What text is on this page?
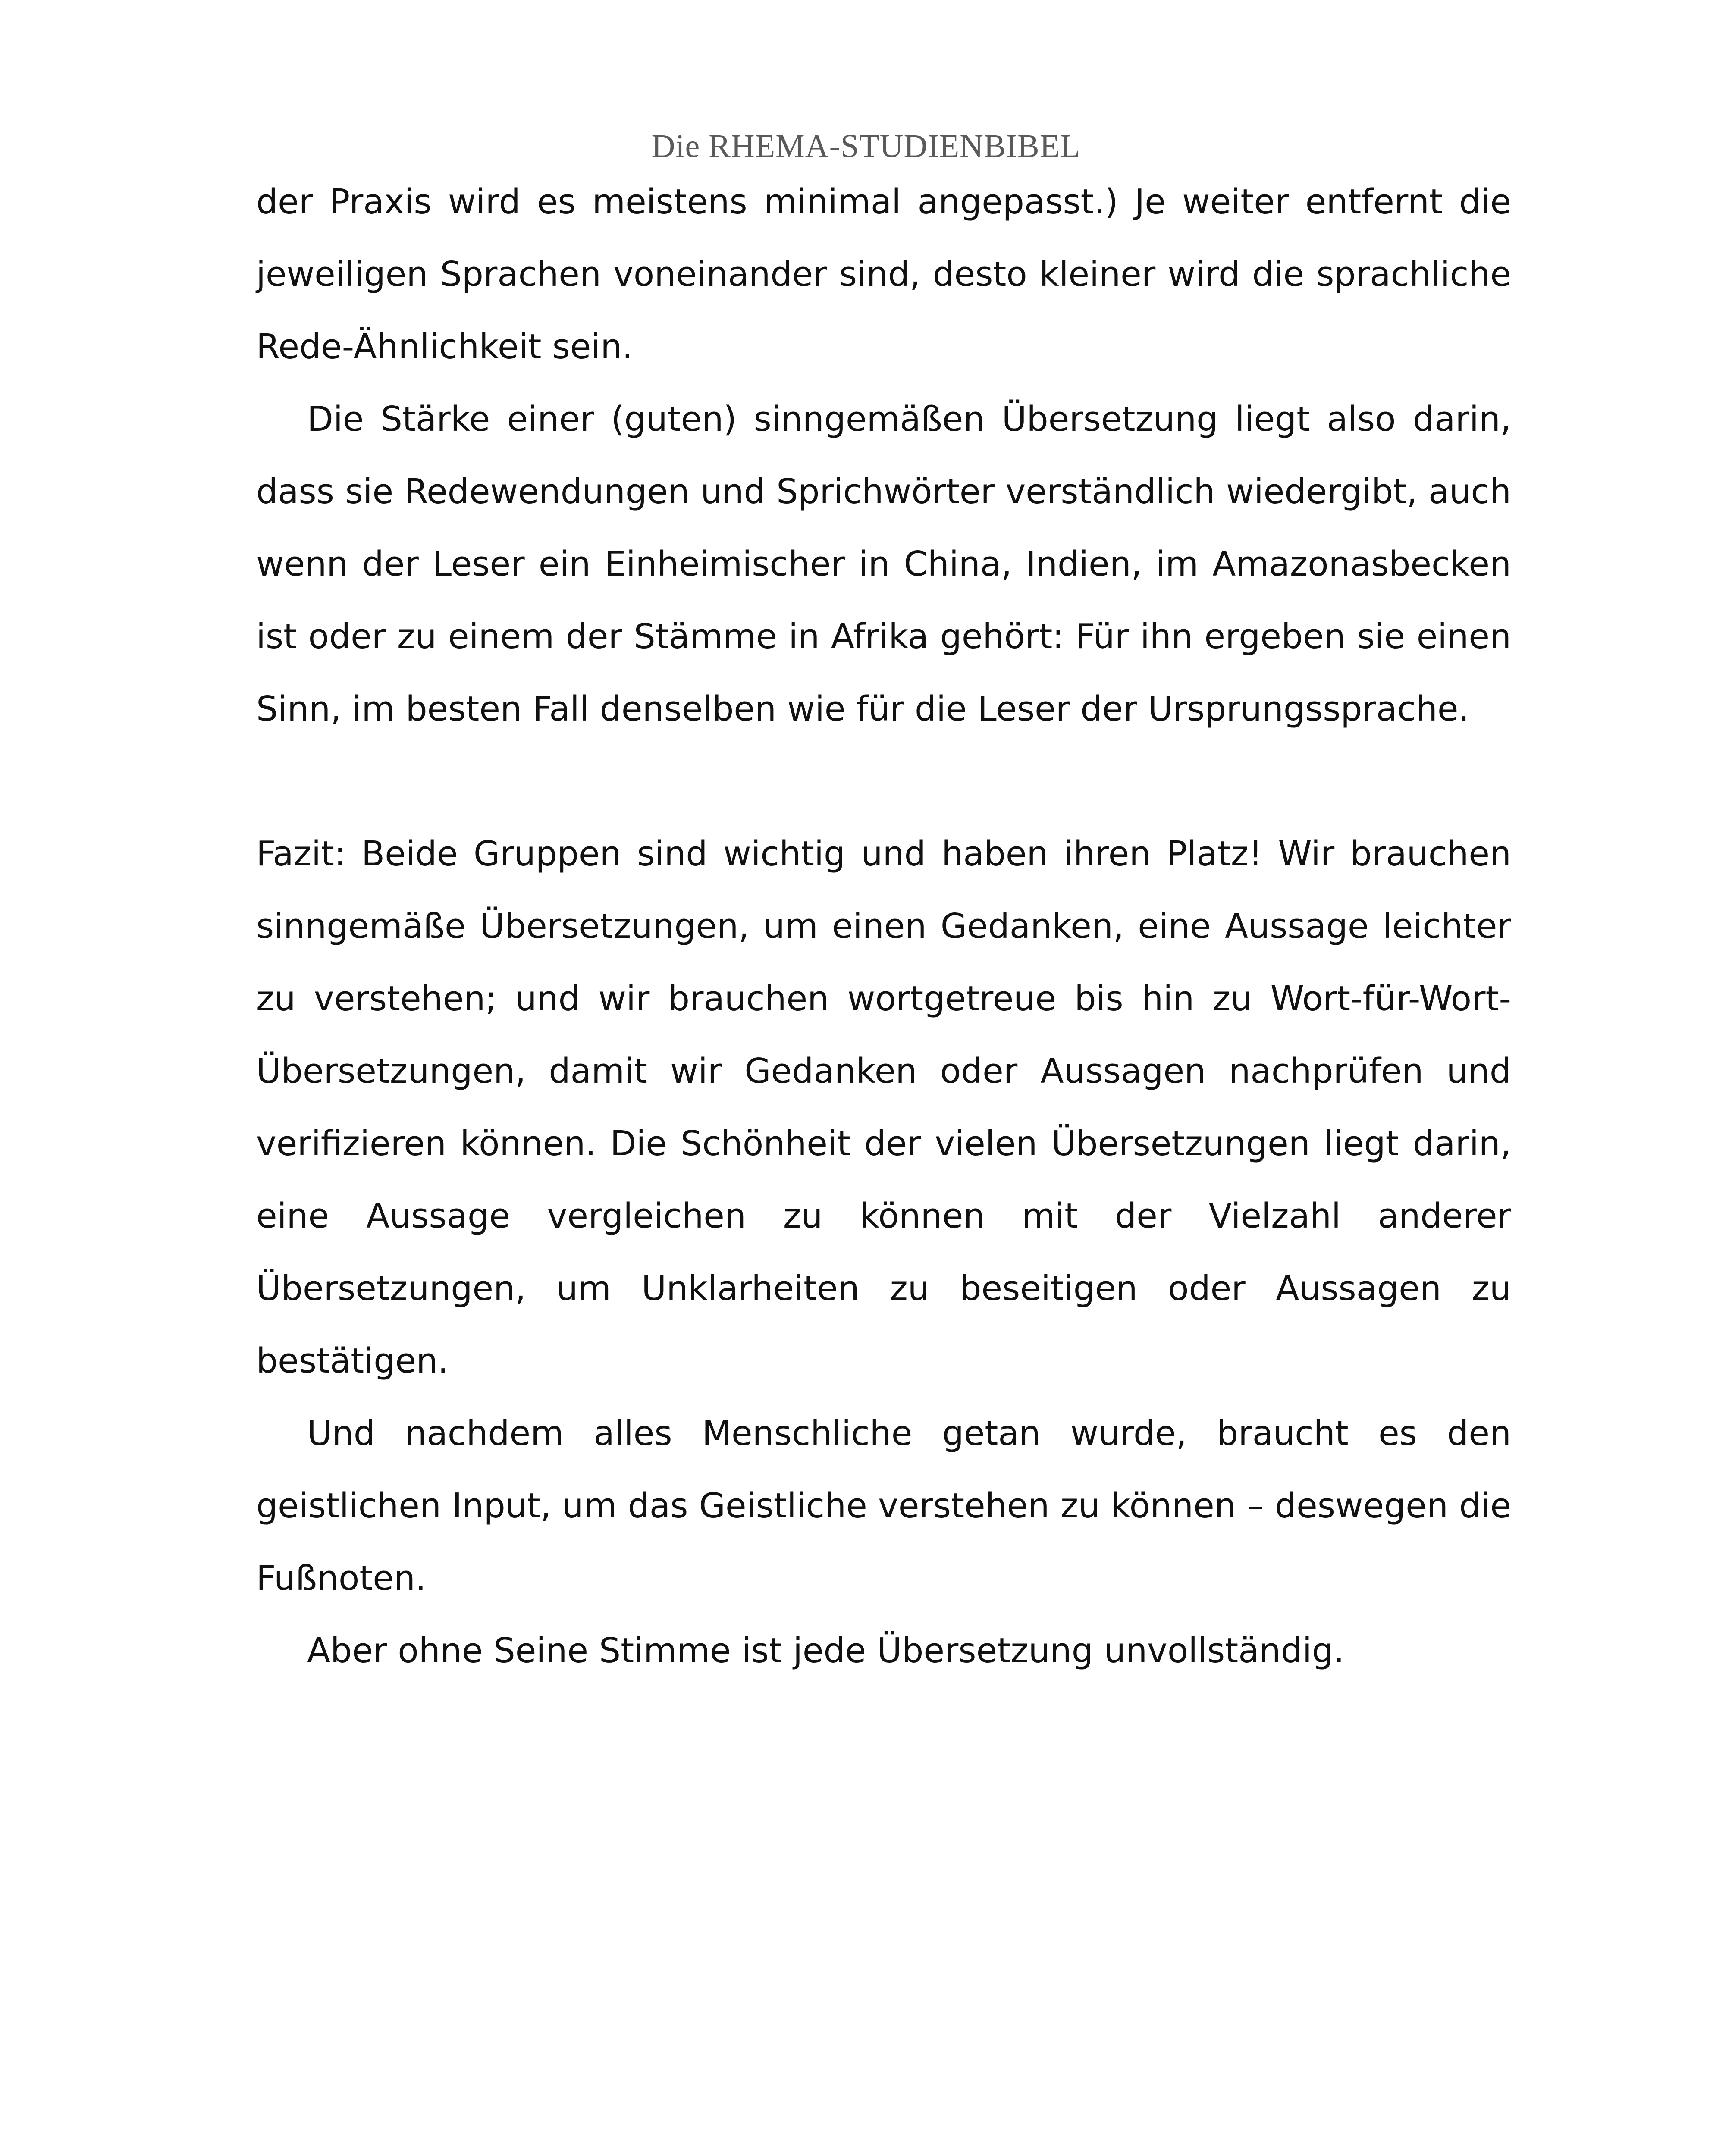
Die RHEMA-STUDIENBIBEL

der Praxis wird es meistens minimal angepasst.) Je weiter entfernt die jeweiligen Sprachen voneinander sind, desto kleiner wird die sprachliche Rede-Ähnlichkeit sein.

Die Stärke einer (guten) sinngemäßen Übersetzung liegt also darin, dass sie Redewendungen und Sprichwörter verständlich wiedergibt, auch wenn der Leser ein Einheimischer in China, Indien, im Amazonasbecken ist oder zu einem der Stämme in Afrika gehört: Für ihn ergeben sie einen Sinn, im besten Fall denselben wie für die Leser der Ursprungssprache.

Fazit: Beide Gruppen sind wichtig und haben ihren Platz! Wir brauchen sinngemäße Übersetzungen, um einen Gedanken, eine Aussage leichter zu verstehen; und wir brauchen wortgetreue bis hin zu Wort-für-Wort-Übersetzungen, damit wir Gedanken oder Aussagen nachprüfen und verifizieren können. Die Schönheit der vielen Übersetzungen liegt darin, eine Aussage vergleichen zu können mit der Vielzahl anderer Übersetzungen, um Unklarheiten zu beseitigen oder Aussagen zu bestätigen.

Und nachdem alles Menschliche getan wurde, braucht es den geistlichen Input, um das Geistliche verstehen zu können – deswegen die Fußnoten.

Aber ohne Seine Stimme ist jede Übersetzung unvollständig.
